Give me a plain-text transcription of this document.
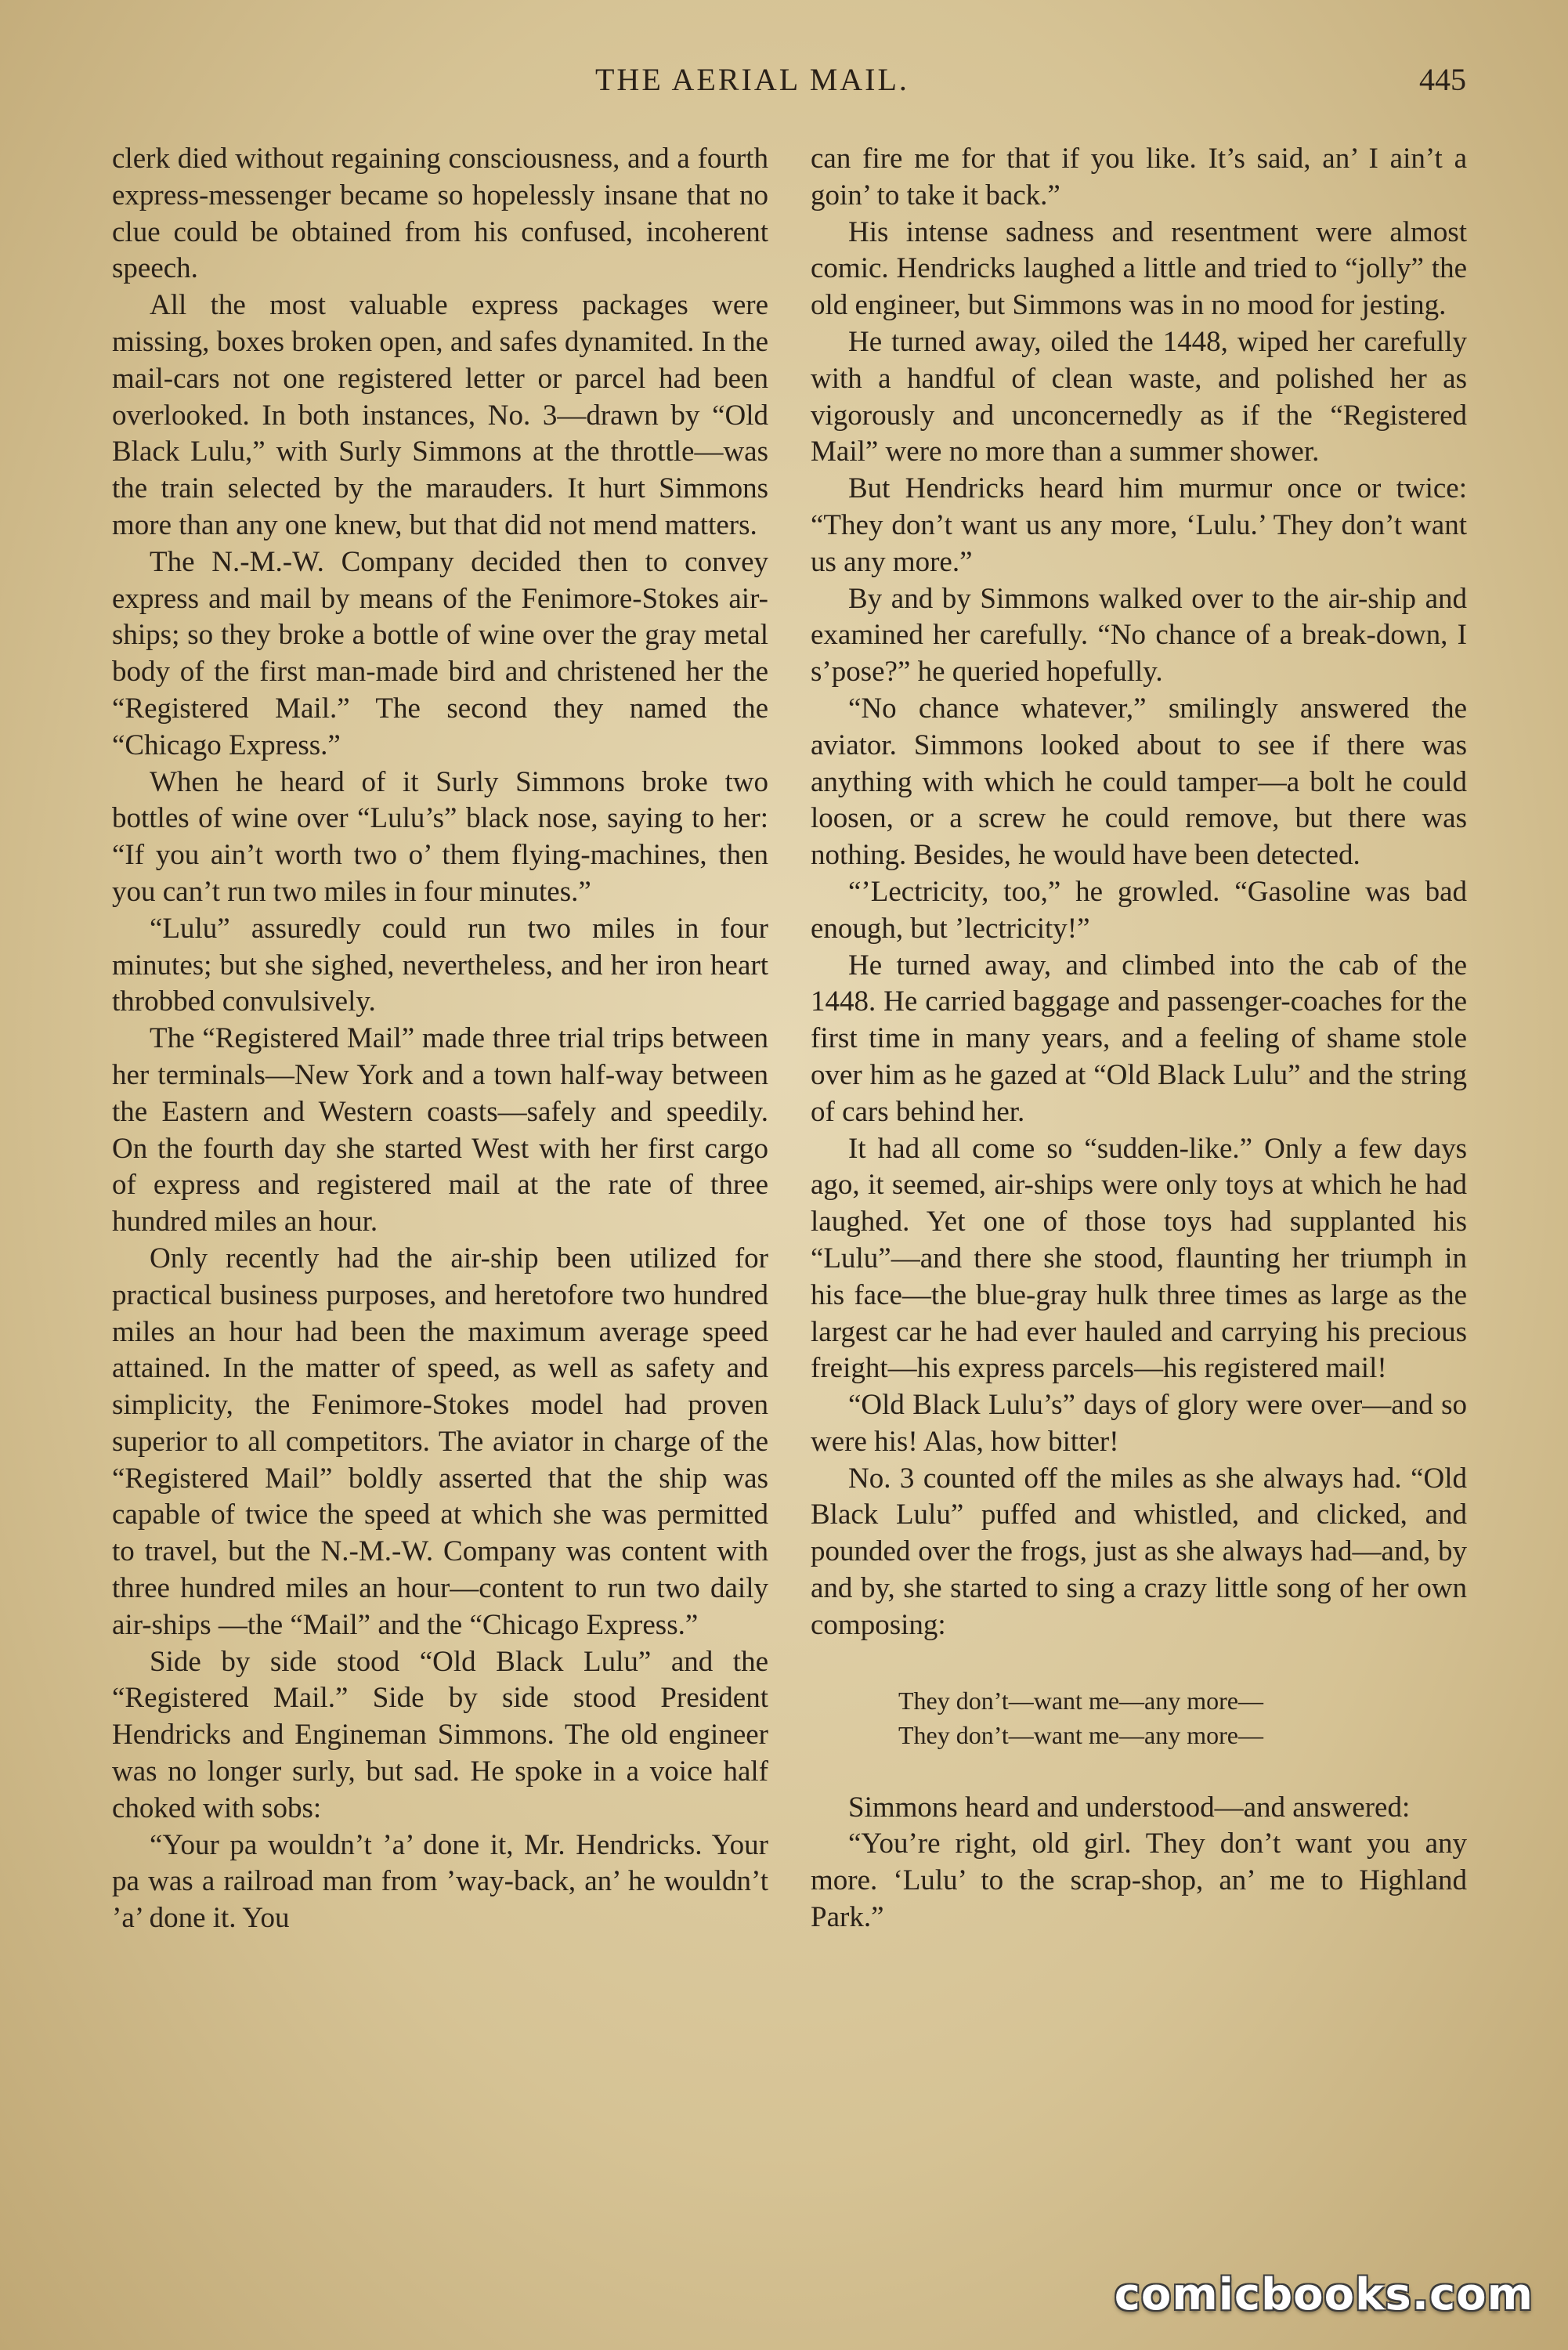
THE AERIAL MAIL.	445

clerk died without regaining consciousness, and a fourth express-messenger became so hopelessly insane that no clue could be obtained from his confused, incoherent speech.

All the most valuable express packages were missing, boxes broken open, and safes dynamited. In the mail-cars not one registered letter or parcel had been overlooked. In both instances, No. 3—drawn by “Old Black Lulu,” with Surly Simmons at the throttle—was the train selected by the marauders. It hurt Simmons more than any one knew, but that did not mend matters.

The N.-M.-W. Company decided then to convey express and mail by means of the Fenimore-Stokes air-ships; so they broke a bottle of wine over the gray metal body of the first man-made bird and christened her the “Registered Mail.” The second they named the “Chicago Express.”

When he heard of it Surly Simmons broke two bottles of wine over “Lulu’s” black nose, saying to her: “If you ain’t worth two o’ them flying-machines, then you can’t run two miles in four minutes.”

“Lulu” assuredly could run two miles in four minutes; but she sighed, nevertheless, and her iron heart throbbed convulsively.

The “Registered Mail” made three trial trips between her terminals—New York and a town half-way between the Eastern and Western coasts—safely and speedily. On the fourth day she started West with her first cargo of express and registered mail at the rate of three hundred miles an hour.

Only recently had the air-ship been utilized for practical business purposes, and heretofore two hundred miles an hour had been the maximum average speed attained. In the matter of speed, as well as safety and simplicity, the Fenimore-Stokes model had proven superior to all competitors. The aviator in charge of the “Registered Mail” boldly asserted that the ship was capable of twice the speed at which she was permitted to travel, but the N.-M.-W. Company was content with three hundred miles an hour—content to run two daily air-ships —the “Mail” and the “Chicago Express.”

Side by side stood “Old Black Lulu” and the “Registered Mail.” Side by side stood President Hendricks and Engineman Simmons. The old engineer was no longer surly, but sad. He spoke in a voice half choked with sobs:

“Your pa wouldn’t ’a’ done it, Mr. Hendricks. Your pa was a railroad man from ’way-back, an’ he wouldn’t ’a’ done it. You

can fire me for that if you like. It’s said, an’ I ain’t a goin’ to take it back.”

His intense sadness and resentment were almost comic. Hendricks laughed a little and tried to “jolly” the old engineer, but Simmons was in no mood for jesting.

He turned away, oiled the 1448, wiped her carefully with a handful of clean waste, and polished her as vigorously and unconcernedly as if the “Registered Mail” were no more than a summer shower.

But Hendricks heard him murmur once or twice: “They don’t want us any more, ‘Lulu.’ They don’t want us any more.”

By and by Simmons walked over to the air-ship and examined her carefully. “No chance of a break-down, I s’pose?” he queried hopefully.

“No chance whatever,” smilingly answered the aviator. Simmons looked about to see if there was anything with which he could tamper—a bolt he could loosen, or a screw he could remove, but there was nothing. Besides, he would have been detected.

“’Lectricity, too,” he growled. “Gasoline was bad enough, but ’lectricity!”

He turned away, and climbed into the cab of the 1448. He carried baggage and passenger-coaches for the first time in many years, and a feeling of shame stole over him as he gazed at “Old Black Lulu” and the string of cars behind her.

It had all come so “sudden-like.” Only a few days ago, it seemed, air-ships were only toys at which he had laughed. Yet one of those toys had supplanted his “Lulu”—and there she stood, flaunting her triumph in his face—the blue-gray hulk three times as large as the largest car he had ever hauled and carrying his precious freight—his express parcels—his registered mail!

“Old Black Lulu’s” days of glory were over—and so were his! Alas, how bitter!

No. 3 counted off the miles as she always had. “Old Black Lulu” puffed and whistled, and clicked, and pounded over the frogs, just as she always had—and, by and by, she started to sing a crazy little song of her own composing:

They don’t—want me—any more—
They don’t—want me—any more—

Simmons heard and understood—and answered:

“You’re right, old girl. They don’t want you any more. ‘Lulu’ to the scrap-shop, an’ me to Highland Park.”

comicbooks.com
